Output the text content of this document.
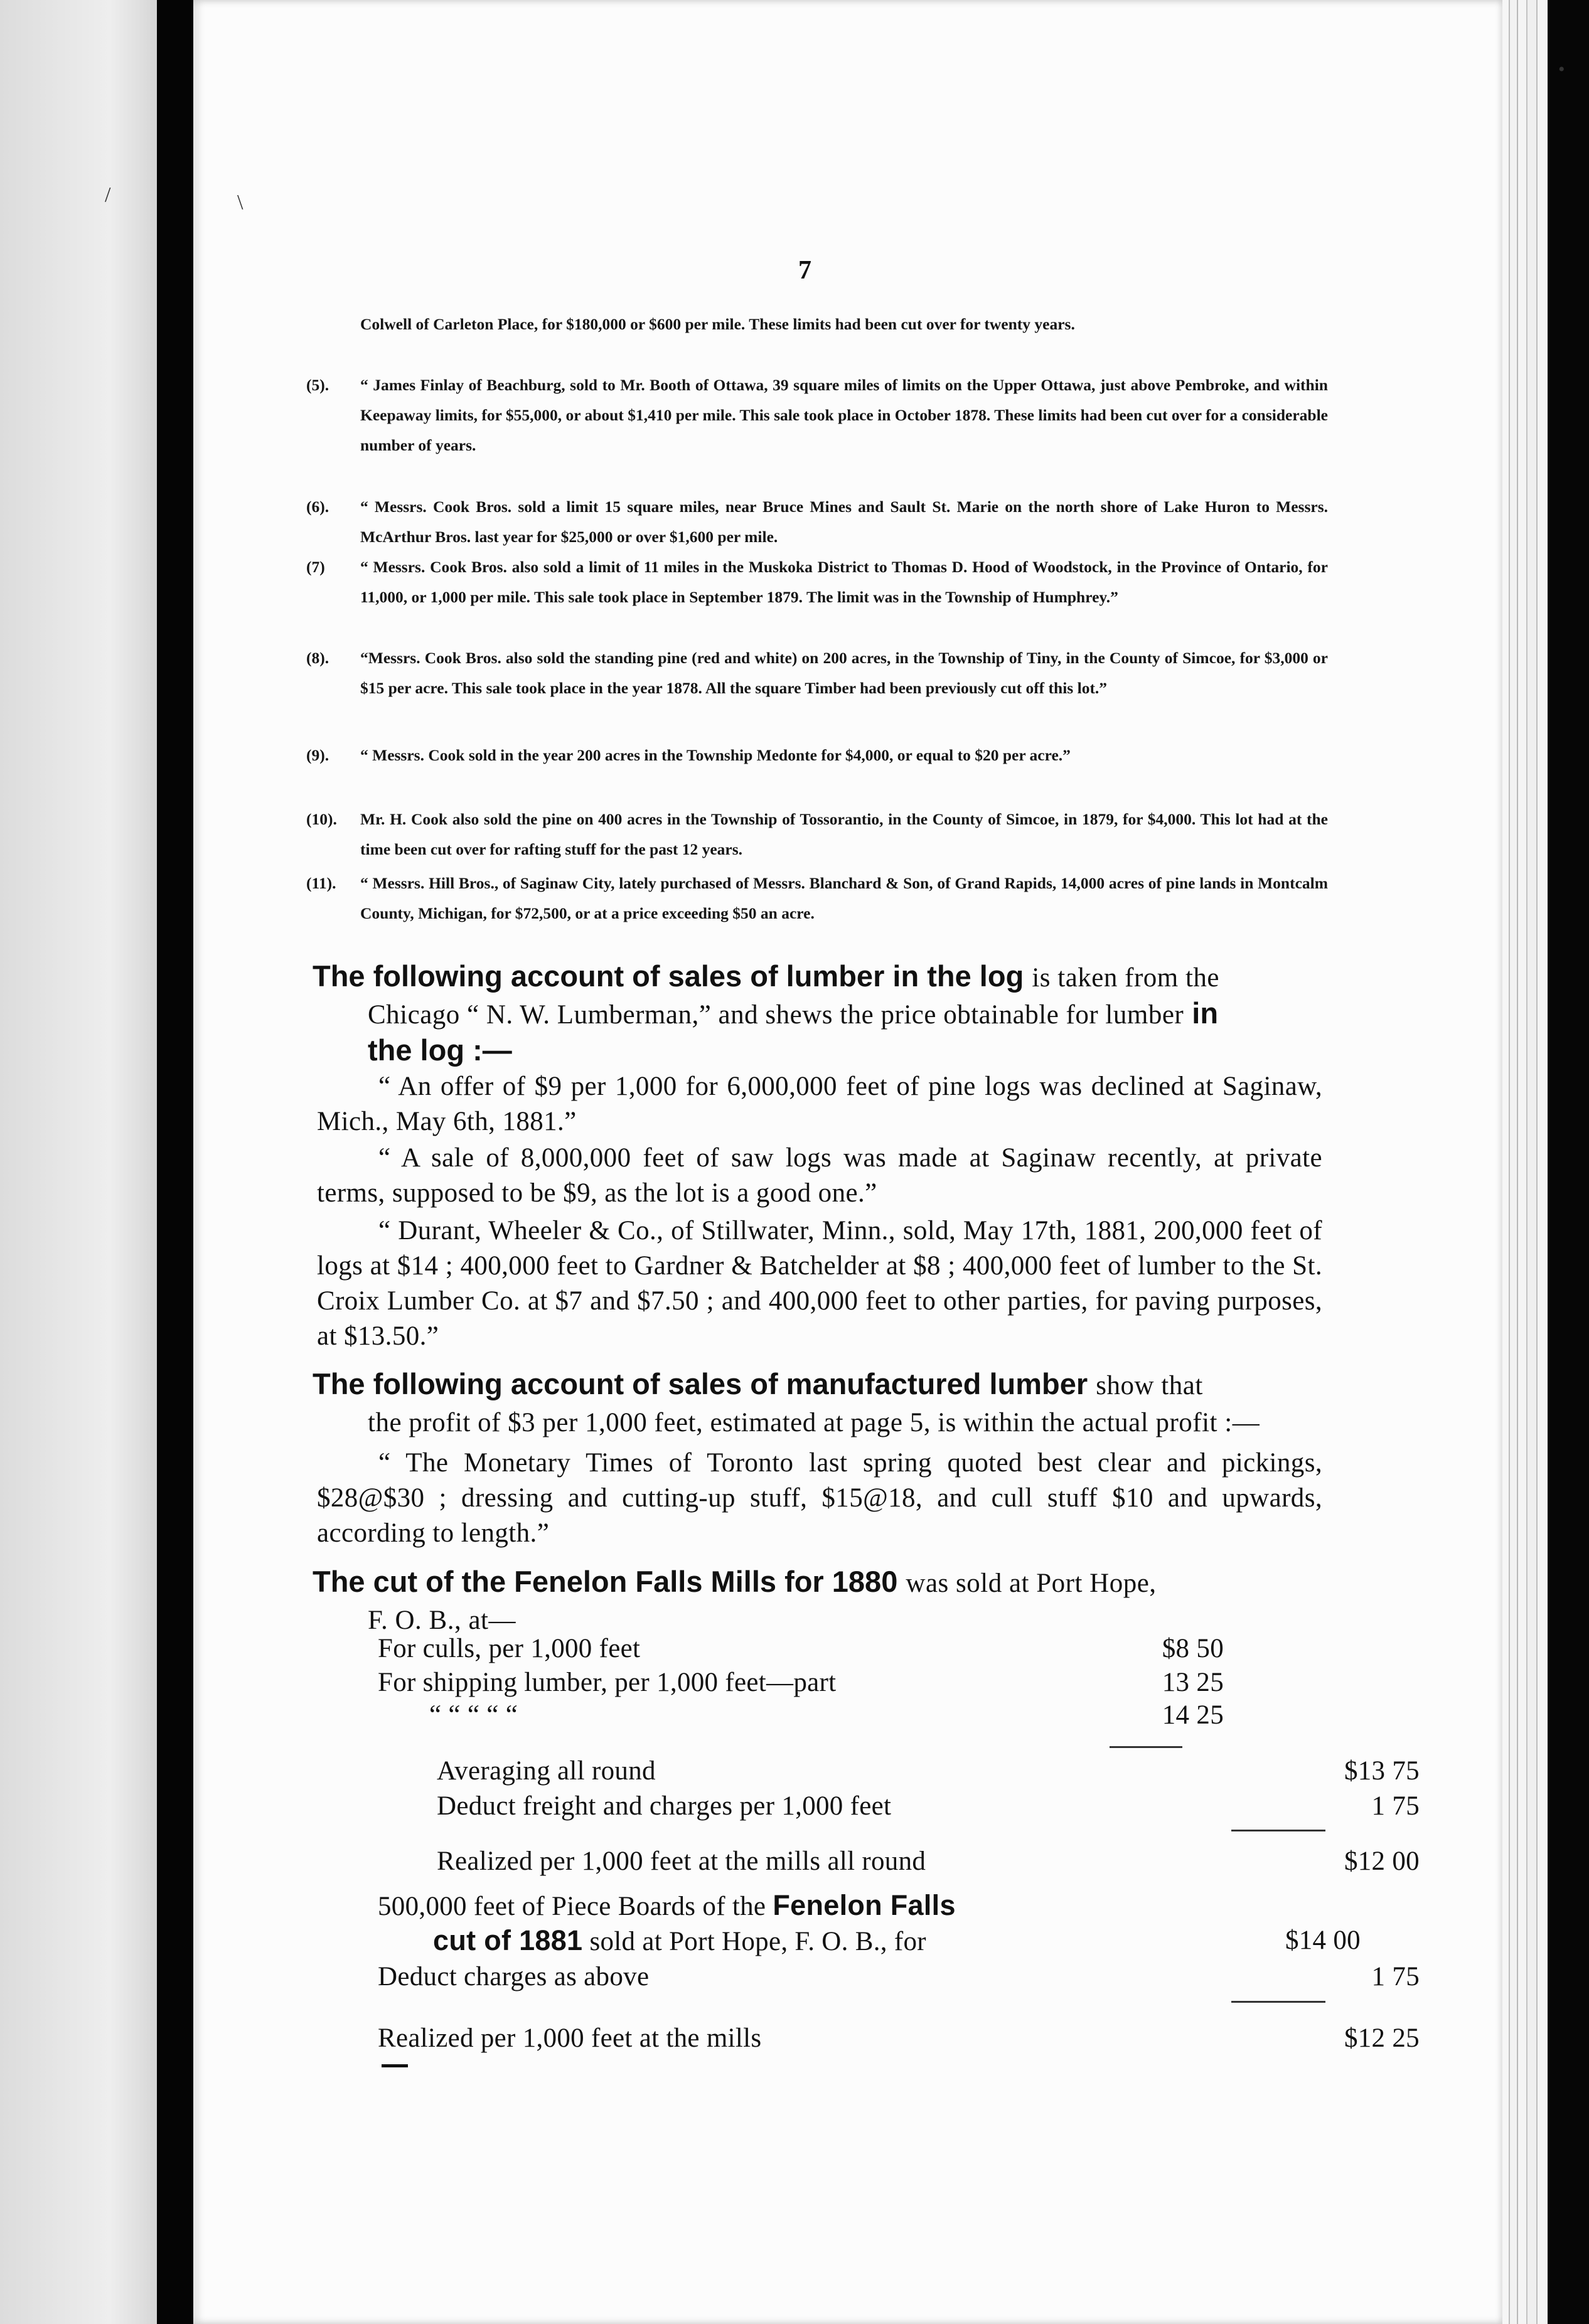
/	\
•
7
Colwell of Carleton Place, for $180,000 or $600 per mile. These limits had been cut over for twenty years.
(5).	“ James Finlay of Beachburg, sold to Mr. Booth of Ottawa, 39 square miles of limits on the Upper Ottawa, just above Pembroke, and within Keepaway limits, for $55,000, or about $1,410 per mile. This sale took place in October 1878. These limits had been cut over for a considerable number of years.
(6).	“ Messrs. Cook Bros. sold a limit 15 square miles, near Bruce Mines and Sault St. Marie on the north shore of Lake Huron to Messrs. McArthur Bros. last year for $25,000 or over $1,600 per mile.
(7)	“ Messrs. Cook Bros. also sold a limit of 11 miles in the Muskoka District to Thomas D. Hood of Woodstock, in the Province of Ontario, for 11,000, or 1,000 per mile. This sale took place in September 1879. The limit was in the Township of Humphrey.”
(8).	“Messrs. Cook Bros. also sold the standing pine (red and white) on 200 acres, in the Township of Tiny, in the County of Simcoe, for $3,000 or $15 per acre. This sale took place in the year 1878. All the square Timber had been previously cut off this lot.”
(9).	“ Messrs. Cook sold in the year 200 acres in the Township Medonte for $4,000, or equal to $20 per acre.”
(10).	Mr. H. Cook also sold the pine on 400 acres in the Township of Tossorantio, in the County of Simcoe, in 1879, for $4,000. This lot had at the time been cut over for rafting stuff for the past 12 years.
(11).	“ Messrs. Hill Bros., of Saginaw City, lately purchased of Messrs. Blanchard & Son, of Grand Rapids, 14,000 acres of pine lands in Montcalm County, Michigan, for $72,500, or at a price exceeding $50 an acre.
The following account of sales of lumber in the log is taken from the
Chicago “ N. W. Lumberman,” and shews the price obtainable for lumber in
the log :—
“ An offer of $9 per 1,000 for 6,000,000 feet of pine logs was declined at Saginaw, Mich., May 6th, 1881.”
“ A sale of 8,000,000 feet of saw logs was made at Saginaw recently, at private terms, supposed to be $9, as the lot is a good one.”
“ Durant, Wheeler & Co., of Stillwater, Minn., sold, May 17th, 1881, 200,000 feet of logs at $14 ; 400,000 feet to Gardner & Batchelder at $8 ; 400,000 feet of lumber to the St. Croix Lumber Co. at $7 and $7.50 ; and 400,000 feet to other parties, for paving purposes, at $13.50.”
The following account of sales of manufactured lumber show that
the profit of $3 per 1,000 feet, estimated at page 5, is within the actual profit :—
“ The Monetary Times of Toronto last spring quoted best clear and pickings, $28@$30 ; dressing and cutting-up stuff, $15@18, and cull stuff $10 and upwards, according to length.”
The cut of the Fenelon Falls Mills for 1880 was sold at Port Hope,
F. O. B., at—
For culls, per 1,000 feet	$8 50
For shipping lumber, per 1,000 feet—part	13 25
“ “ “ “ “	14 25
Averaging all round	$13 75
Deduct freight and charges per 1,000 feet	1 75
Realized per 1,000 feet at the mills all round	$12 00
500,000 feet of Piece Boards of the Fenelon Falls
cut of 1881 sold at Port Hope, F. O. B., for	$14 00
Deduct charges as above	1 75
Realized per 1,000 feet at the mills	$12 25
